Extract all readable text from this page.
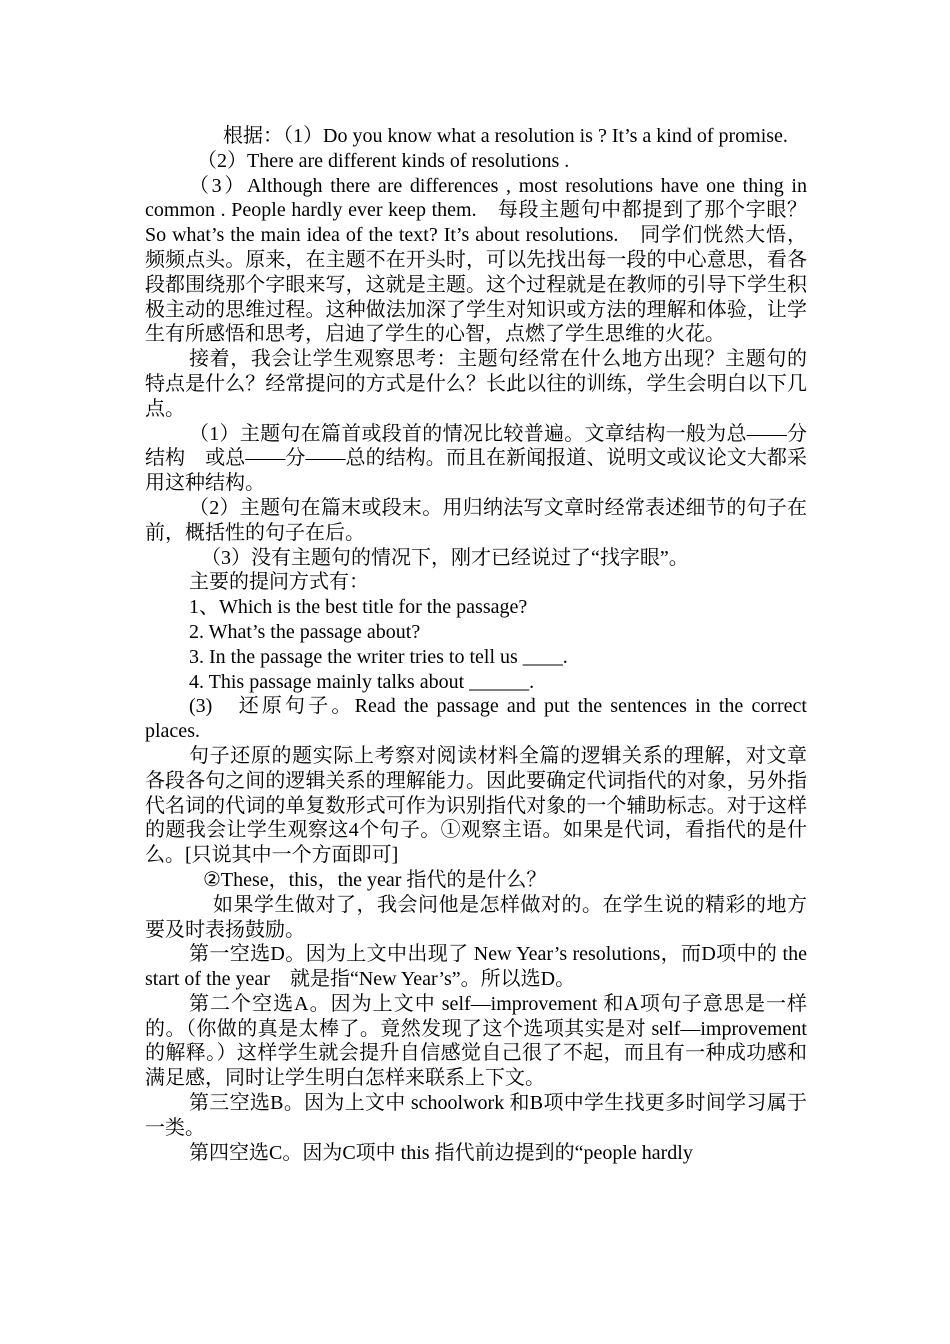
根据：（1）Do you know what a resolution is ? It’s a kind of promise.

（2）There are different kinds of resolutions .

（3）Although there are differences , most resolutions have one thing in common . People hardly ever keep them.　每段主题句中都提到了那个字眼？So what’s the main idea of the text? It’s about resolutions.　同学们恍然大悟，频频点头。原来，在主题不在开头时，可以先找出每一段的中心意思，看各段都围绕那个字眼来写，这就是主题。这个过程就是在教师的引导下学生积极主动的思维过程。这种做法加深了学生对知识或方法的理解和体验，让学生有所感悟和思考，启迪了学生的心智，点燃了学生思维的火花。

接着，我会让学生观察思考：主题句经常在什么地方出现？主题句的特点是什么？经常提问的方式是什么？长此以往的训练，学生会明白以下几点。

（1）主题句在篇首或段首的情况比较普遍。文章结构一般为总——分结构　或总——分——总的结构。而且在新闻报道、说明文或议论文大都采用这种结构。

（2）主题句在篇末或段末。用归纳法写文章时经常表述细节的句子在前，概括性的句子在后。

（3）没有主题句的情况下，刚才已经说过了“找字眼”。

主要的提问方式有：

1、Which is the best title for the passage?

2. What’s the passage about?

3. In the passage the writer tries to tell us ____.

4. This passage mainly talks about ______.

(3)　还原句子。Read the passage and put the sentences in the correct places.

句子还原的题实际上考察对阅读材料全篇的逻辑关系的理解，对文章各段各句之间的逻辑关系的理解能力。因此要确定代词指代的对象，另外指代名词的代词的单复数形式可作为识别指代对象的一个辅助标志。对于这样的题我会让学生观察这4个句子。①观察主语。如果是代词，看指代的是什么。[只说其中一个方面即可]

②These，this，the year 指代的是什么？

如果学生做对了，我会问他是怎样做对的。在学生说的精彩的地方要及时表扬鼓励。

第一空选D。因为上文中出现了 New Year’s resolutions，而D项中的 the start of the year　就是指“New Year’s”。所以选D。

第二个空选A。因为上文中 self—improvement 和A项句子意思是一样的。（你做的真是太棒了。竟然发现了这个选项其实是对 self—improvement 的解释。）这样学生就会提升自信感觉自己很了不起，而且有一种成功感和满足感，同时让学生明白怎样来联系上下文。

第三空选B。因为上文中 schoolwork 和B项中学生找更多时间学习属于一类。

第四空选C。因为C项中 this 指代前边提到的“people hardly
